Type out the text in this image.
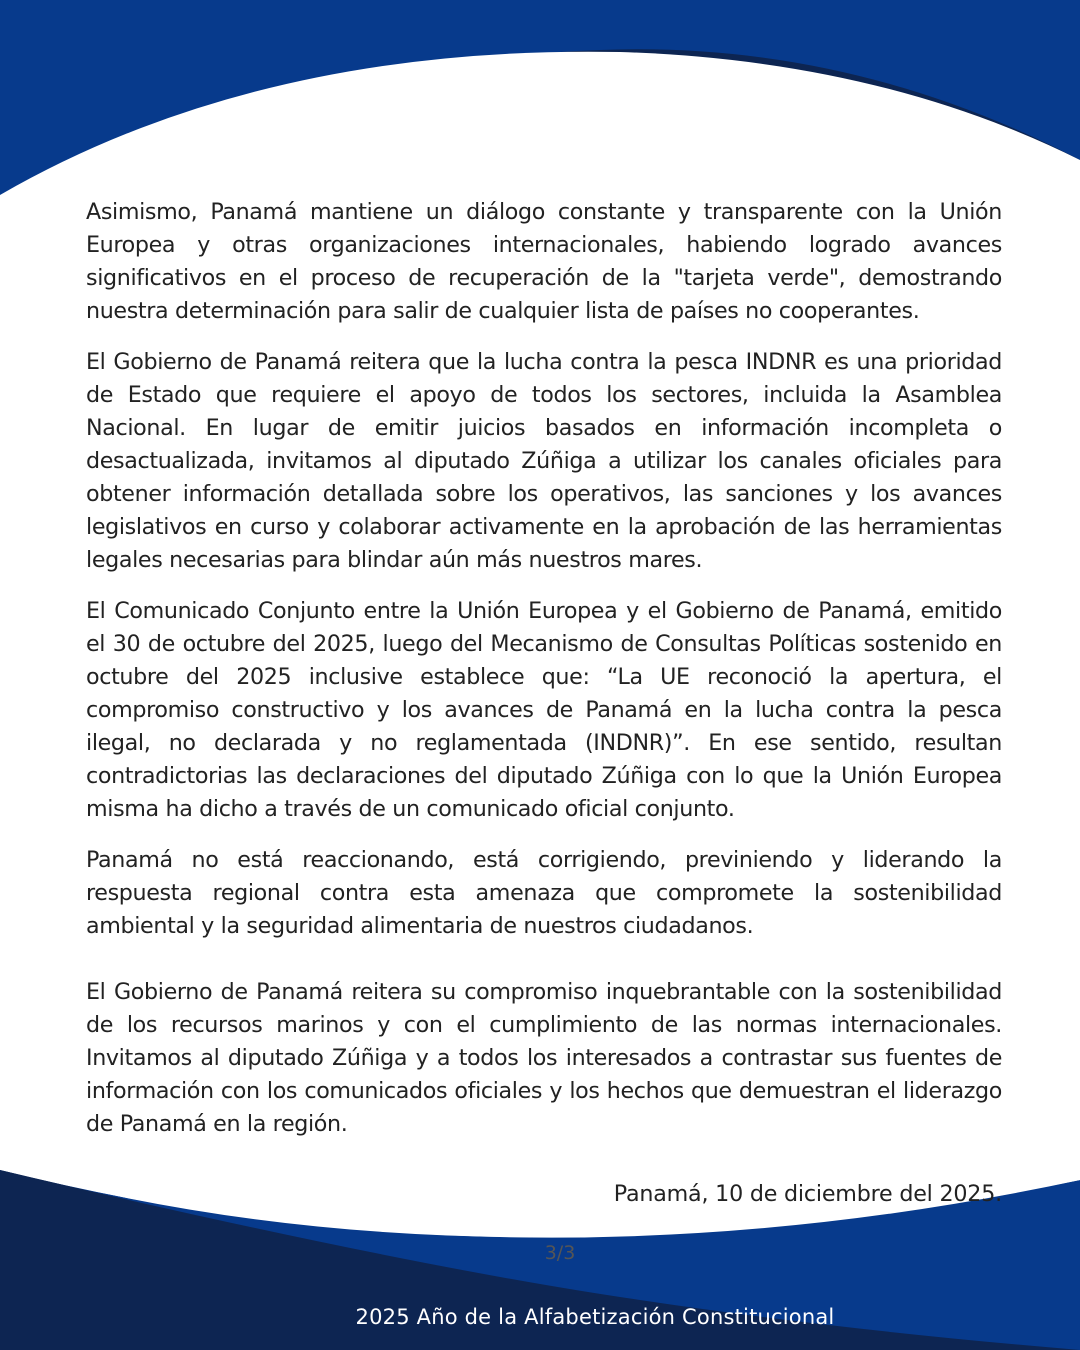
Asimismo, Panamá mantiene un diálogo constante y transparente con la Unión Europea y otras organizaciones internacionales, habiendo logrado avances significativos en el proceso de recuperación de la "tarjeta verde", demostrando nuestra determinación para salir de cualquier lista de países no cooperantes.

El Gobierno de Panamá reitera que la lucha contra la pesca INDNR es una prioridad de Estado que requiere el apoyo de todos los sectores, incluida la Asamblea Nacional. En lugar de emitir juicios basados en información incompleta o desactualizada, invitamos al diputado Zúñiga a utilizar los canales oficiales para obtener información detallada sobre los operativos, las sanciones y los avances legislativos en curso y colaborar activamente en la aprobación de las herramientas legales necesarias para blindar aún más nuestros mares.

El Comunicado Conjunto entre la Unión Europea y el Gobierno de Panamá, emitido el 30 de octubre del 2025, luego del Mecanismo de Consultas Políticas sostenido en octubre del 2025 inclusive establece que: “La UE reconoció la apertura, el compromiso constructivo y los avances de Panamá en la lucha contra la pesca ilegal, no declarada y no reglamentada (INDNR)”. En ese sentido, resultan contradictorias las declaraciones del diputado Zúñiga con lo que la Unión Europea misma ha dicho a través de un comunicado oficial conjunto.

Panamá no está reaccionando, está corrigiendo, previniendo y liderando la respuesta regional contra esta amenaza que compromete la sostenibilidad ambiental y la seguridad alimentaria de nuestros ciudadanos.

El Gobierno de Panamá reitera su compromiso inquebrantable con la sostenibilidad de los recursos marinos y con el cumplimiento de las normas internacionales. Invitamos al diputado Zúñiga y a todos los interesados a contrastar sus fuentes de información con los comunicados oficiales y los hechos que demuestran el liderazgo de Panamá en la región.

Panamá, 10 de diciembre del 2025.
3/3
2025 Año de la Alfabetización Constitucional
